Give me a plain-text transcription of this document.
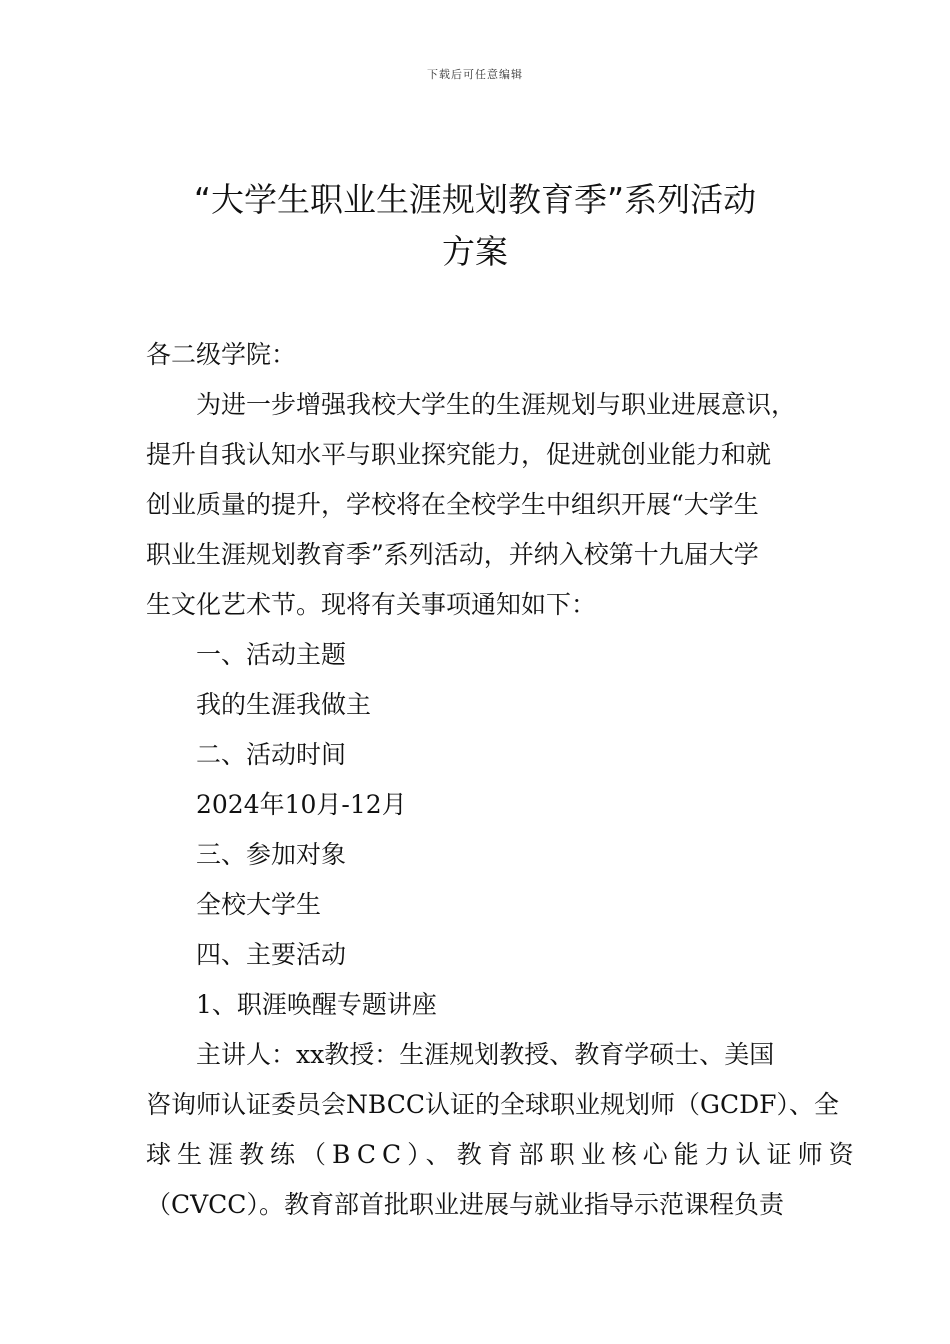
下载后可任意编辑
“大学生职业生涯规划教育季”系列活动
方案

各二级学院：

为进一步增强我校大学生的生涯规划与职业进展意识，

提升自我认知水平与职业探究能力，促进就创业能力和就

创业质量的提升，学校将在全校学生中组织开展“大学生

职业生涯规划教育季”系列活动，并纳入校第十九届大学

生文化艺术节。现将有关事项通知如下：

一、活动主题

我的生涯我做主

二、活动时间

2024年10月-12月

三、参加对象

全校大学生

四、主要活动

1、职涯唤醒专题讲座

主讲人：xx教授：生涯规划教授、教育学硕士、美国

咨询师认证委员会NBCC认证的全球职业规划师（GCDF）、全

球生涯教练（BCC）、教育部职业核心能力认证师资

（CVCC）。教育部首批职业进展与就业指导示范课程负责
